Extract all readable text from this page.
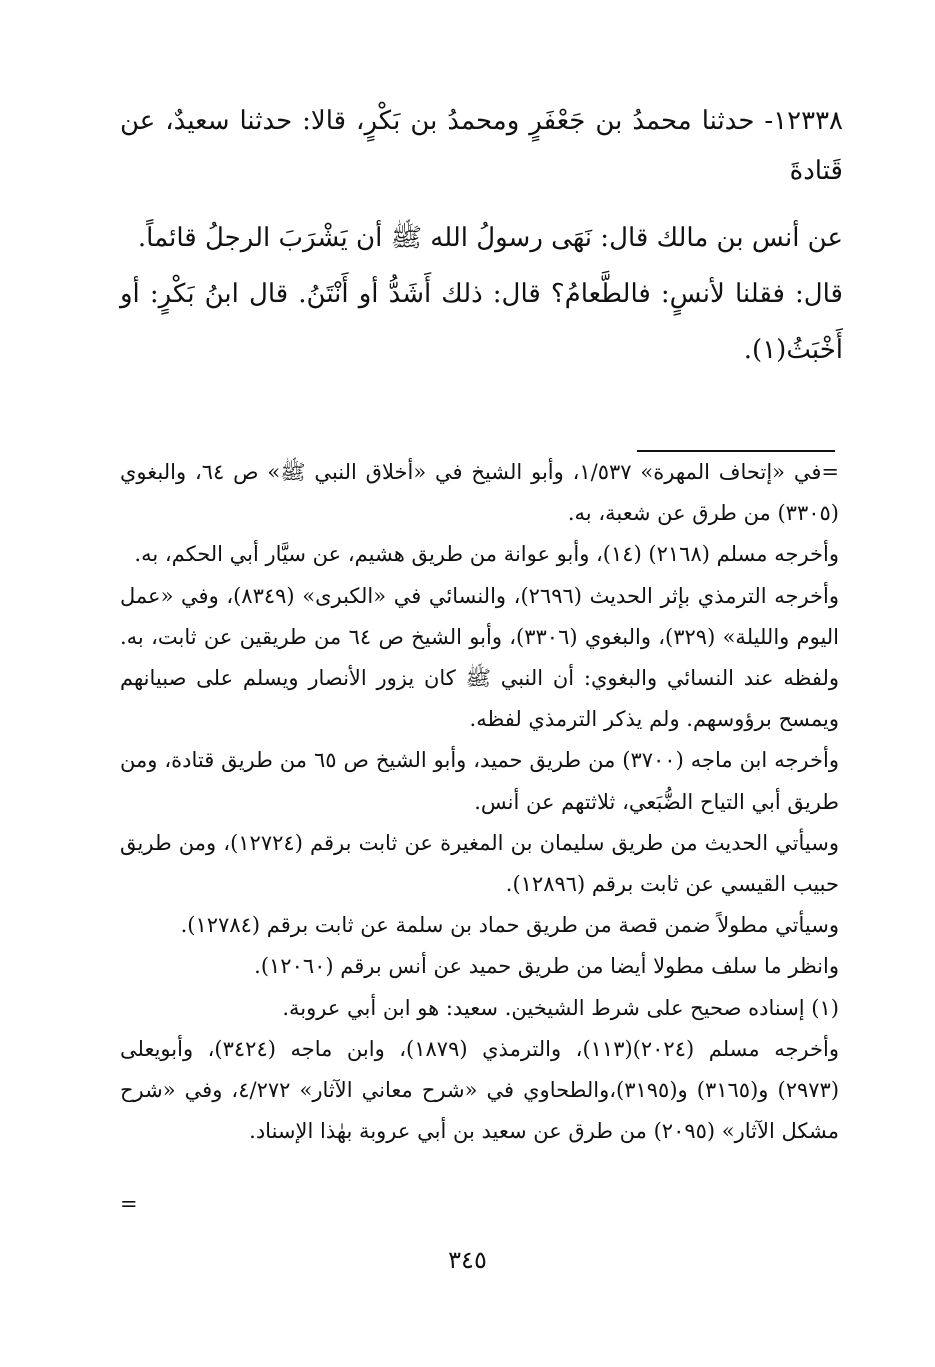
١٢٣٣٨- حدثنا محمدُ بن جَعْفَرٍ ومحمدُ بن بَكْرٍ، قالا: حدثنا سعيدٌ، عن قَتادةَ

عن أنس بن مالك قال: نَهَى رسولُ الله ﷺ أن يَشْرَبَ الرجلُ قائماً.

قال: فقلنا لأنسٍ: فالطَّعامُ؟ قال: ذلك أَشَدُّ أو أَنْتَنُ. قال ابنُ بَكْرٍ: أو أَخْبَثُ(١).

=في «إتحاف المهرة» ١/٥٣٧، وأبو الشيخ في «أخلاق النبي ﷺ» ص ٦٤، والبغوي (٣٣٠٥) من طرق عن شعبة، به.

وأخرجه مسلم (٢١٦٨) (١٤)، وأبو عوانة من طريق هشيم، عن سيَّار أبي الحكم، به.

وأخرجه الترمذي بإثر الحديث (٢٦٩٦)، والنسائي في «الكبرى» (٨٣٤٩)، وفي «عمل اليوم والليلة» (٣٢٩)، والبغوي (٣٣٠٦)، وأبو الشيخ ص ٦٤ من طريقين عن ثابت، به. ولفظه عند النسائي والبغوي: أن النبي ﷺ كان يزور الأنصار ويسلم على صبيانهم ويمسح برؤوسهم. ولم يذكر الترمذي لفظه.

وأخرجه ابن ماجه (٣٧٠٠) من طريق حميد، وأبو الشيخ ص ٦٥ من طريق قتادة، ومن طريق أبي التياح الضُّبَعي، ثلاثتهم عن أنس.

وسيأتي الحديث من طريق سليمان بن المغيرة عن ثابت برقم (١٢٧٢٤)، ومن طريق حبيب القيسي عن ثابت برقم (١٢٨٩٦).

وسيأتي مطولاً ضمن قصة من طريق حماد بن سلمة عن ثابت برقم (١٢٧٨٤).

وانظر ما سلف مطولا أيضا من طريق حميد عن أنس برقم (١٢٠٦٠).

(١) إسناده صحيح على شرط الشيخين. سعيد: هو ابن أبي عروبة.

وأخرجه مسلم (٢٠٢٤)(١١٣)، والترمذي (١٨٧٩)، وابن ماجه (٣٤٢٤)، وأبويعلى (٢٩٧٣) و(٣١٦٥) و(٣١٩٥)،والطحاوي في «شرح معاني الآثار» ٤/٢٧٢، وفي «شرح مشكل الآثار» (٢٠٩٥) من طرق عن سعيد بن أبي عروبة بهٰذا الإسناد.

=
٣٤٥
